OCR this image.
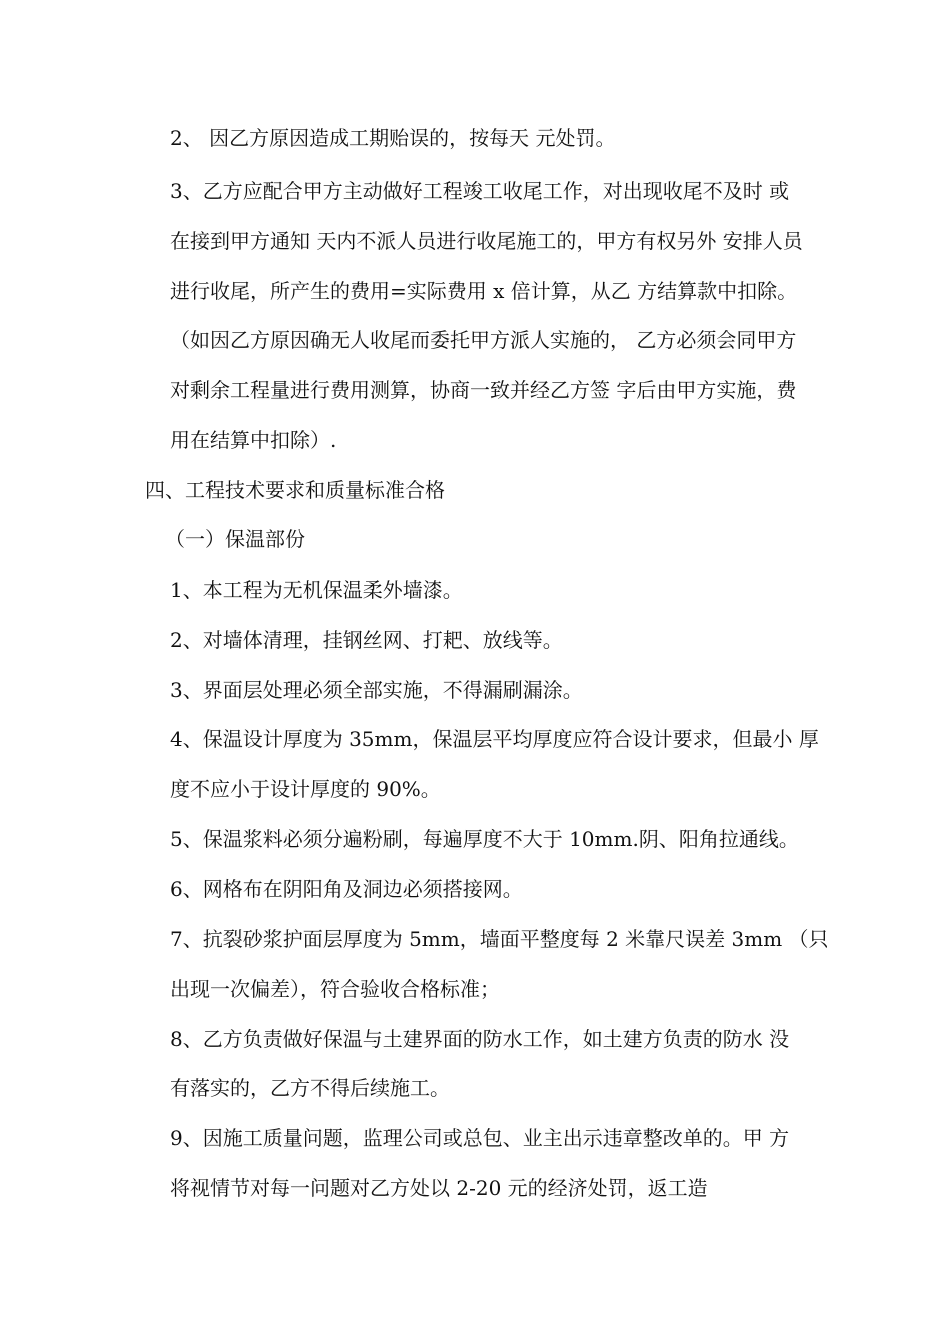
2、 因乙方原因造成工期贻误的，按每天 元处罚。

3、乙方应配合甲方主动做好工程竣工收尾工作，对出现收尾不及时 或

在接到甲方通知 天内不派人员进行收尾施工的，甲方有权另外 安排人员

进行收尾，所产生的费用=实际费用 x 倍计算，从乙 方结算款中扣除。

（如因乙方原因确无人收尾而委托甲方派人实施的， 乙方必须会同甲方

对剩余工程量进行费用测算，协商一致并经乙方签 字后由甲方实施，费

用在结算中扣除）.

四、工程技术要求和质量标准合格

（一）保温部份

1、本工程为无机保温柔外墙漆。

2、对墙体清理，挂钢丝网、打耙、放线等。

3、界面层处理必须全部实施，不得漏刷漏涂。

4、保温设计厚度为 35mm，保温层平均厚度应符合设计要求，但最小 厚

度不应小于设计厚度的 90%。

5、保温浆料必须分遍粉刷，每遍厚度不大于 10mm.阴、阳角拉通线。

6、网格布在阴阳角及洞边必须搭接网。

7、抗裂砂浆护面层厚度为 5mm，墙面平整度每 2 米靠尺误差 3mm （只

出现一次偏差），符合验收合格标准；

8、乙方负责做好保温与土建界面的防水工作，如土建方负责的防水 没

有落实的，乙方不得后续施工。

9、因施工质量问题，监理公司或总包、业主出示违章整改单的。甲 方

将视情节对每一问题对乙方处以 2-20 元的经济处罚，返工造
